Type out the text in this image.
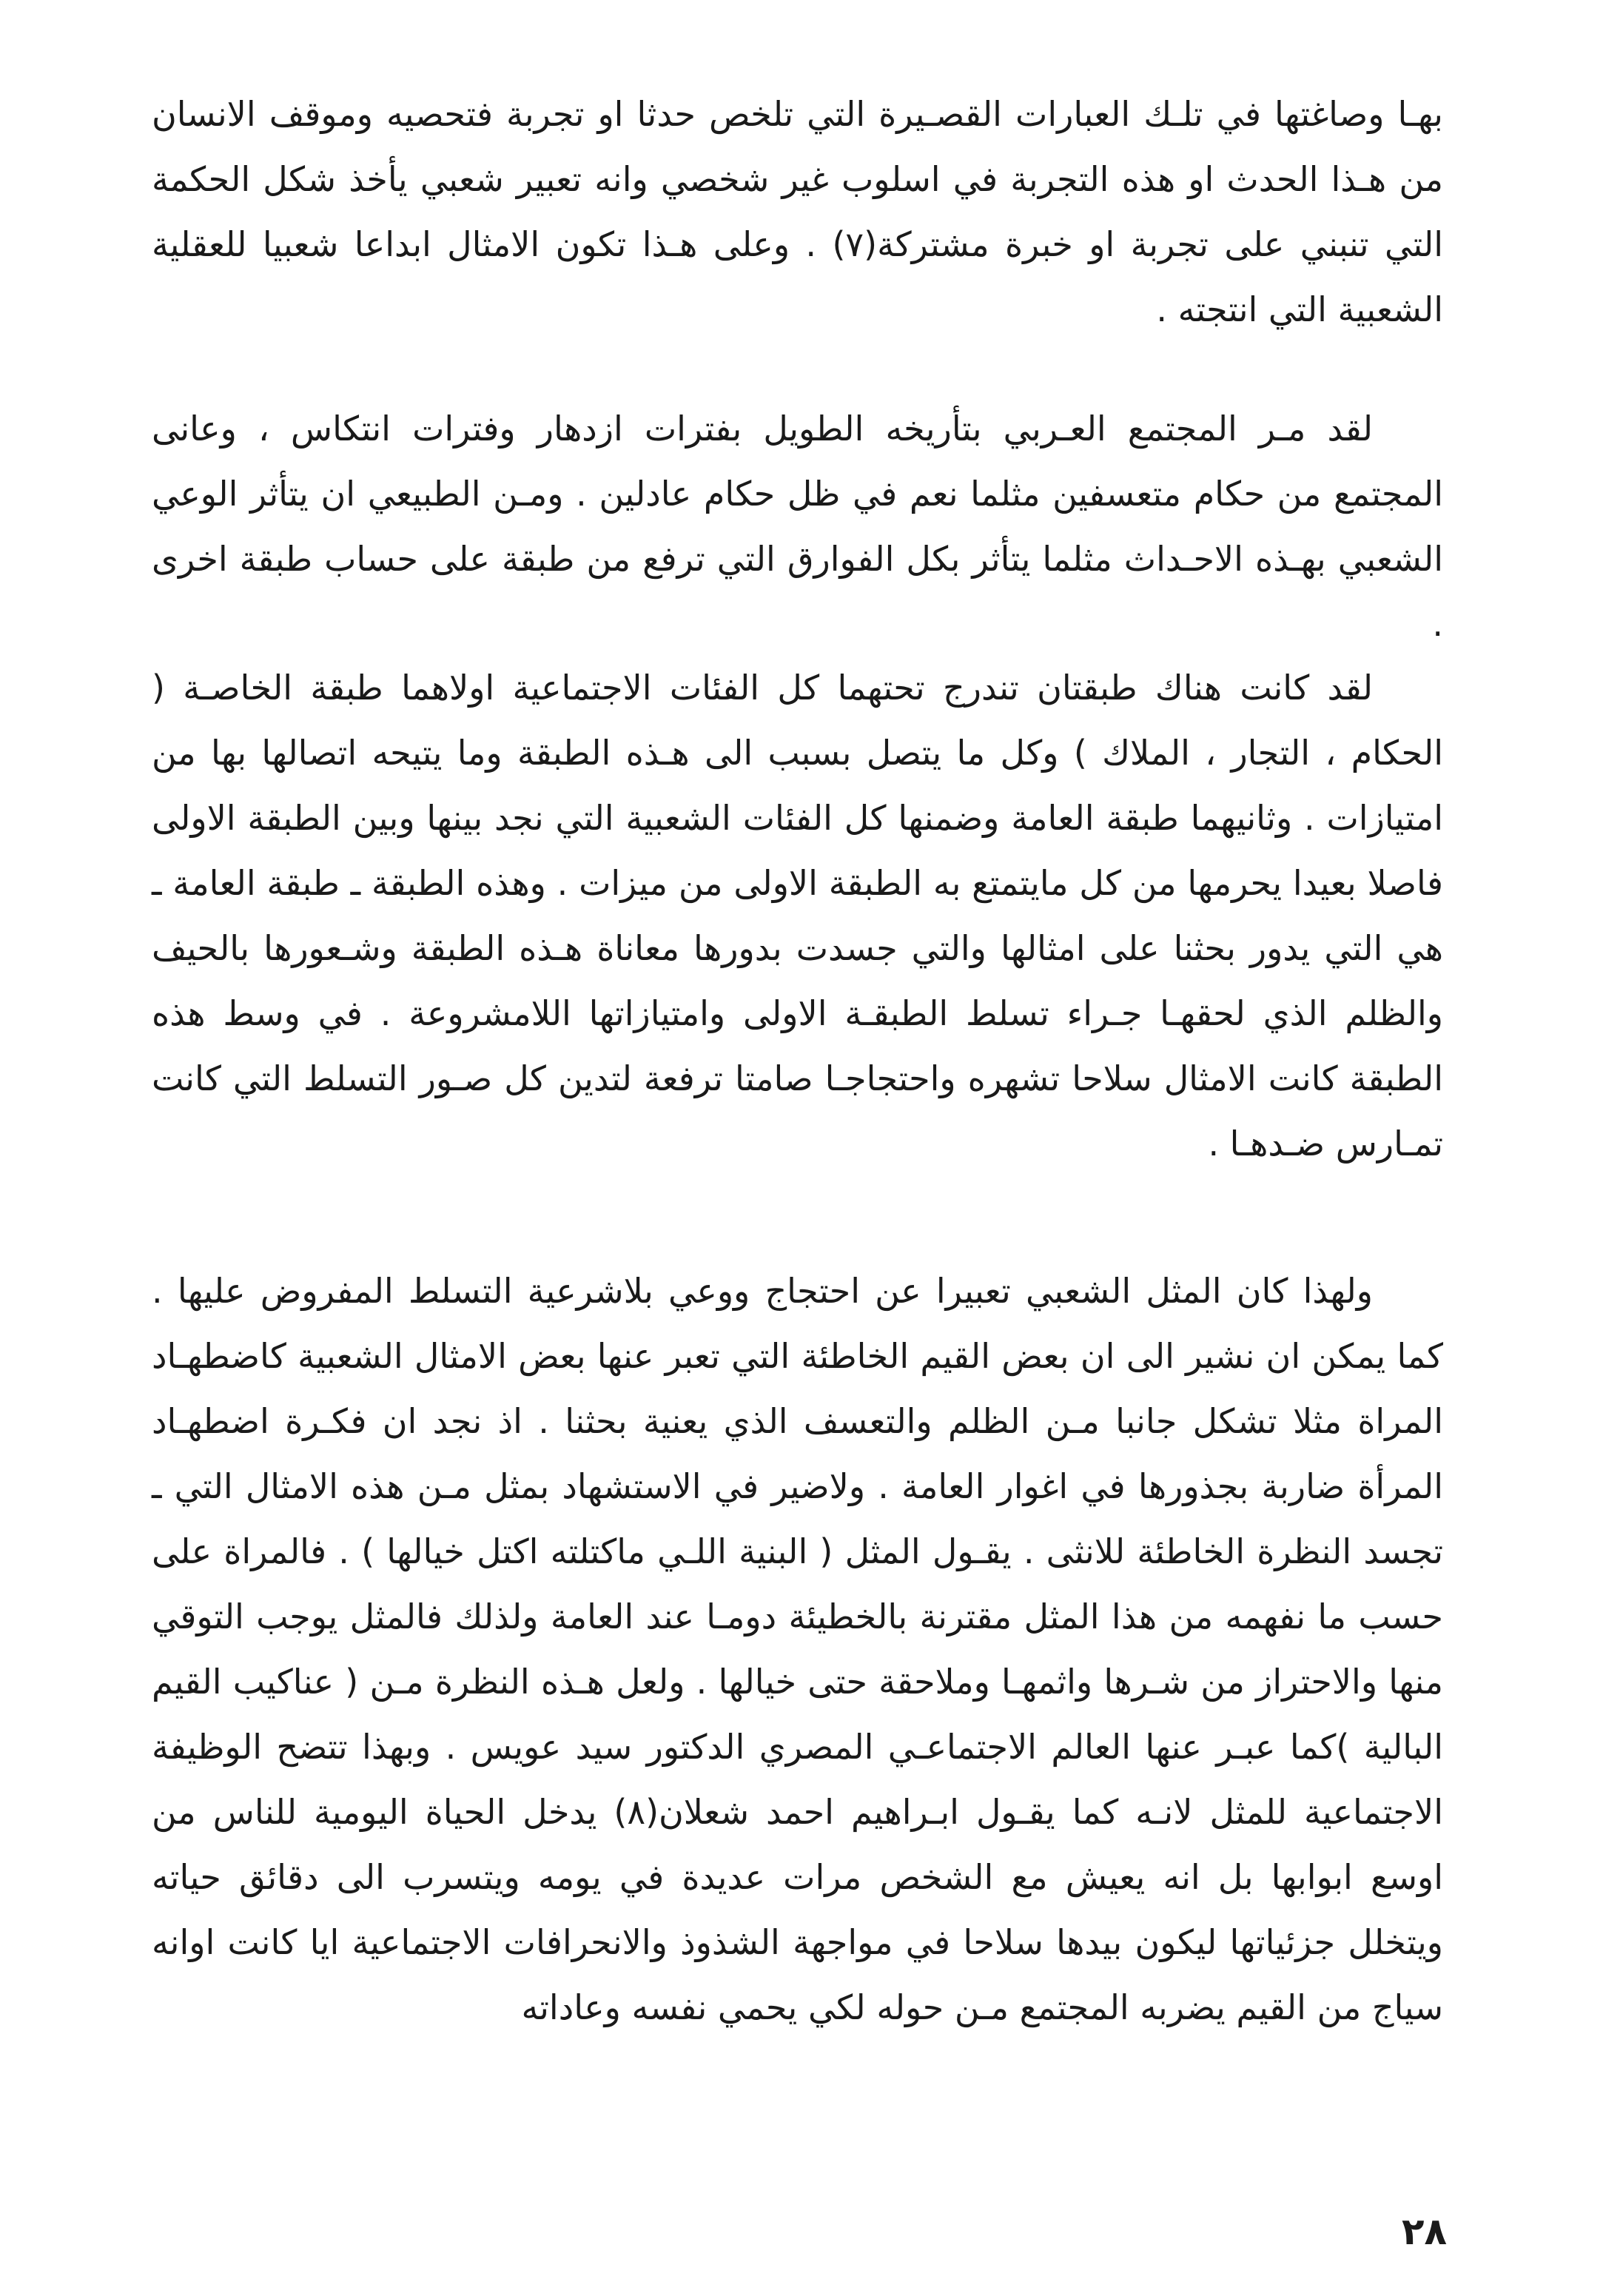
بهـا وصاغتها في تلـك العبارات القصـيرة التي تلخص حدثا او تجربة فتحصيه وموقف الانسان من هـذا الحدث او هذه التجربة في اسلوب غير شخصي وانه تعبير شعبي يأخذ شكل الحكمة التي تنبني على تجربة او خبرة مشتركة(٧) . وعلى هـذا تكون الامثال ابداعا شعبيا للعقلية الشعبية التي انتجته .

لقد مـر المجتمع العـربي بتأريخه الطويل بفترات ازدهار وفترات انتكاس ، وعانى المجتمع من حكام متعسفين مثلما نعم في ظل حكام عادلين . ومـن الطبيعي ان يتأثر الوعي الشعبي بهـذه الاحـداث مثلما يتأثر بكل الفوارق التي ترفع من طبقة على حساب طبقة اخرى .

لقد كانت هناك طبقتان تندرج تحتهما كل الفئات الاجتماعية اولاهما طبقة الخاصـة ( الحكام ، التجار ، الملاك ) وكل ما يتصل بسبب الى هـذه الطبقة وما يتيحه اتصالها بها من امتيازات . وثانيهما طبقة العامة وضمنها كل الفئات الشعبية التي نجد بينها وبين الطبقة الاولى فاصلا بعيدا يحرمها من كل مايتمتع به الطبقة الاولى من ميزات . وهذه الطبقة ـ طبقة العامة ـ هي التي يدور بحثنا على امثالها والتي جسدت بدورها معاناة هـذه الطبقة وشـعورها بالحيف والظلم الذي لحقهـا جـراء تسلط الطبقـة الاولى وامتيازاتها اللامشروعة . في وسط هذه الطبقة كانت الامثال سلاحا تشهره واحتجاجـا صامتا ترفعة لتدين كل صـور التسلط التي كانت تمـارس ضـدهـا .

ولهذا كان المثل الشعبي تعبيرا عن احتجاج ووعي بلاشرعية التسلط المفروض عليها . كما يمكن ان نشير الى ان بعض القيم الخاطئة التي تعبر عنها بعض الامثال الشعبية كاضطهـاد المراة مثلا تشكل جانبا مـن الظلم والتعسف الذي يعنية بحثنا . اذ نجد ان فكـرة اضطهـاد المرأة ضاربة بجذورها في اغوار العامة . ولاضير في الاستشهاد بمثل مـن هذه الامثال التي ـ تجسد النظرة الخاطئة للانثى . يقـول المثل ( البنية اللـي ماكتلته اكتل خيالها ) . فالمراة على حسب ما نفهمه من هذا المثل مقترنة بالخطيئة دومـا عند العامة ولذلك فالمثل يوجب التوقي منها والاحتراز من شـرها واثمهـا وملاحقة حتى خيالها . ولعل هـذه النظرة مـن ( عناكيب القيم البالية )كما عبـر عنها العالم الاجتماعـي المصري الدكتور سيد عويس . وبهذا تتضح الوظيفة الاجتماعية للمثل لانـه كما يقـول ابـراهيم احمد شعلان(٨) يدخل الحياة اليومية للناس من اوسع ابوابها بل انه يعيش مع الشخص مرات عديدة في يومه ويتسرب الى دقائق حياته ويتخلل جزئياتها ليكون بيدها سلاحا في مواجهة الشذوذ والانحرافات الاجتماعية ايا كانت اوانه سياج من القيم يضربه المجتمع مـن حوله لكي يحمي نفسه وعاداته

٢٨
